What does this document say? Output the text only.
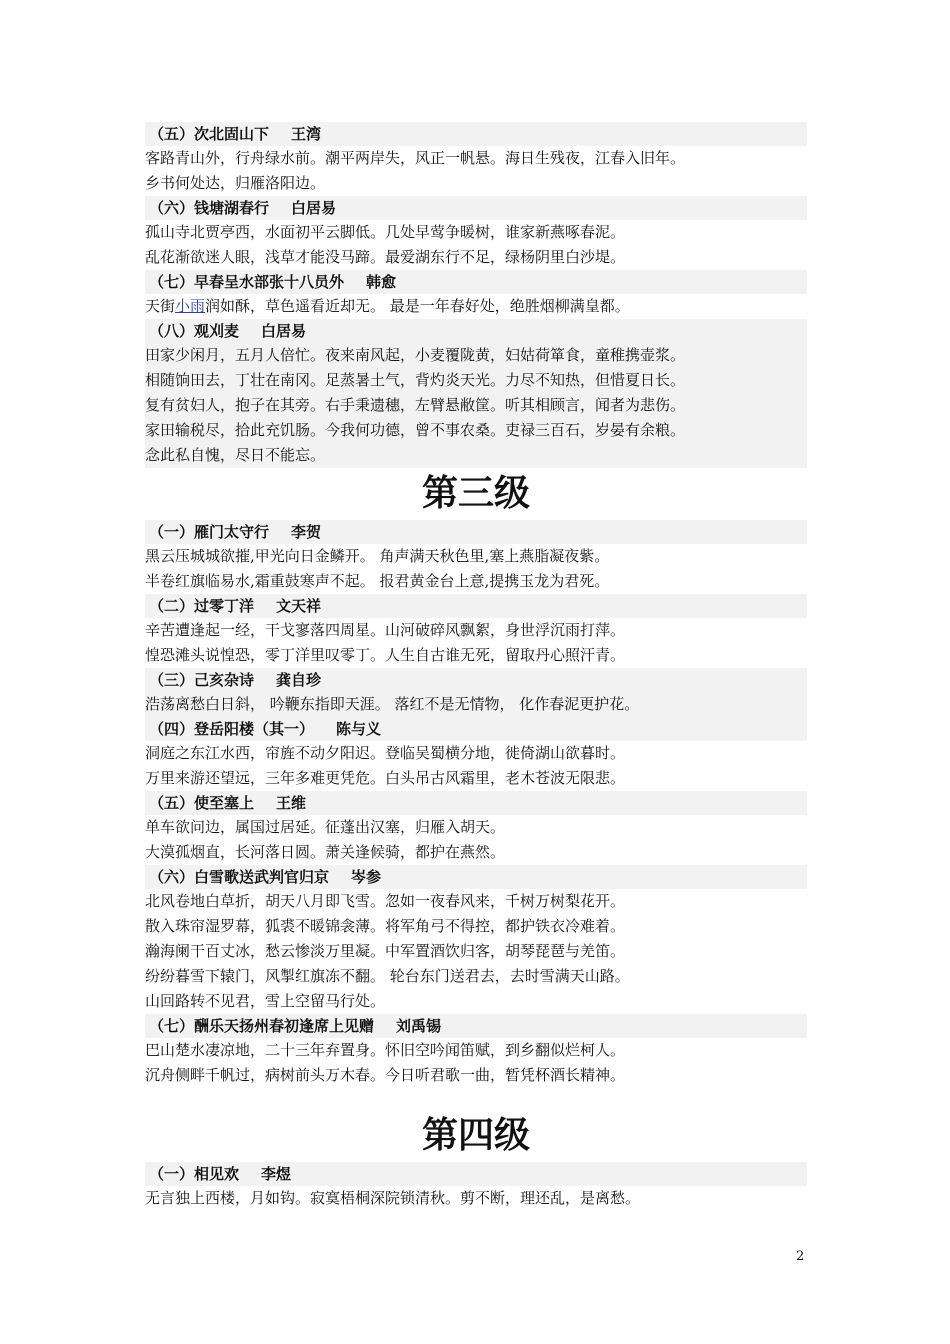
（五）次北固山下 王湾
客路青山外，行舟绿水前。潮平两岸失，风正一帆悬。海日生残夜，江春入旧年。
乡书何处达，归雁洛阳边。
（六）钱塘湖春行 白居易
孤山寺北贾亭西，水面初平云脚低。几处早莺争暖树，谁家新燕啄春泥。
乱花渐欲迷人眼，浅草才能没马蹄。最爱湖东行不足，绿杨阴里白沙堤。
（七）早春呈水部张十八员外 韩愈
天街小雨润如酥，草色遥看近却无。 最是一年春好处，绝胜烟柳满皇都。
（八）观刈麦 白居易
田家少闲月，五月人倍忙。夜来南风起，小麦覆陇黄，妇姑荷箪食，童稚携壶浆。
相随饷田去，丁壮在南冈。足蒸暑土气，背灼炎天光。力尽不知热，但惜夏日长。
复有贫妇人，抱子在其旁。右手秉遗穗，左臂悬敝筐。听其相顾言，闻者为悲伤。
家田输税尽，拾此充饥肠。今我何功德，曾不事农桑。吏禄三百石，岁晏有余粮。
念此私自愧，尽日不能忘。
第三级
（一）雁门太守行 李贺
黑云压城城欲摧,甲光向日金鳞开。 角声满天秋色里,塞上燕脂凝夜紫。
半卷红旗临易水,霜重鼓寒声不起。 报君黄金台上意,提携玉龙为君死。
（二）过零丁洋 文天祥
辛苦遭逢起一经，干戈寥落四周星。山河破碎风飘絮，身世浮沉雨打萍。
惶恐滩头说惶恐，零丁洋里叹零丁。人生自古谁无死，留取丹心照汗青。
（三）己亥杂诗 龚自珍
浩荡离愁白日斜， 吟鞭东指即天涯。 落红不是无情物， 化作春泥更护花。
（四）登岳阳楼（其一） 陈与义
洞庭之东江水西，帘旌不动夕阳迟。登临吴蜀横分地，徙倚湖山欲暮时。
万里来游还望远，三年多难更凭危。白头吊古风霜里，老木苍波无限悲。
（五）使至塞上 王维
单车欲问边，属国过居延。征蓬出汉塞，归雁入胡天。
大漠孤烟直，长河落日圆。萧关逢候骑，都护在燕然。
（六）白雪歌送武判官归京 岑参
北风卷地白草折，胡天八月即飞雪。忽如一夜春风来，千树万树梨花开。
散入珠帘湿罗幕，狐裘不暖锦衾薄。将军角弓不得控，都护铁衣冷难着。
瀚海阑干百丈冰，愁云惨淡万里凝。中军置酒饮归客，胡琴琵琶与羌笛。
纷纷暮雪下辕门，风掣红旗冻不翻。 轮台东门送君去，去时雪满天山路。
山回路转不见君，雪上空留马行处。
（七）酬乐天扬州春初逢席上见赠 刘禹锡
巴山楚水凄凉地，二十三年弃置身。怀旧空吟闻笛赋，到乡翻似烂柯人。
沉舟侧畔千帆过，病树前头万木春。今日听君歌一曲，暂凭杯酒长精神。
第四级
（一）相见欢 李煜
无言独上西楼，月如钩。寂寞梧桐深院锁清秋。剪不断，理还乱，是离愁。
2
